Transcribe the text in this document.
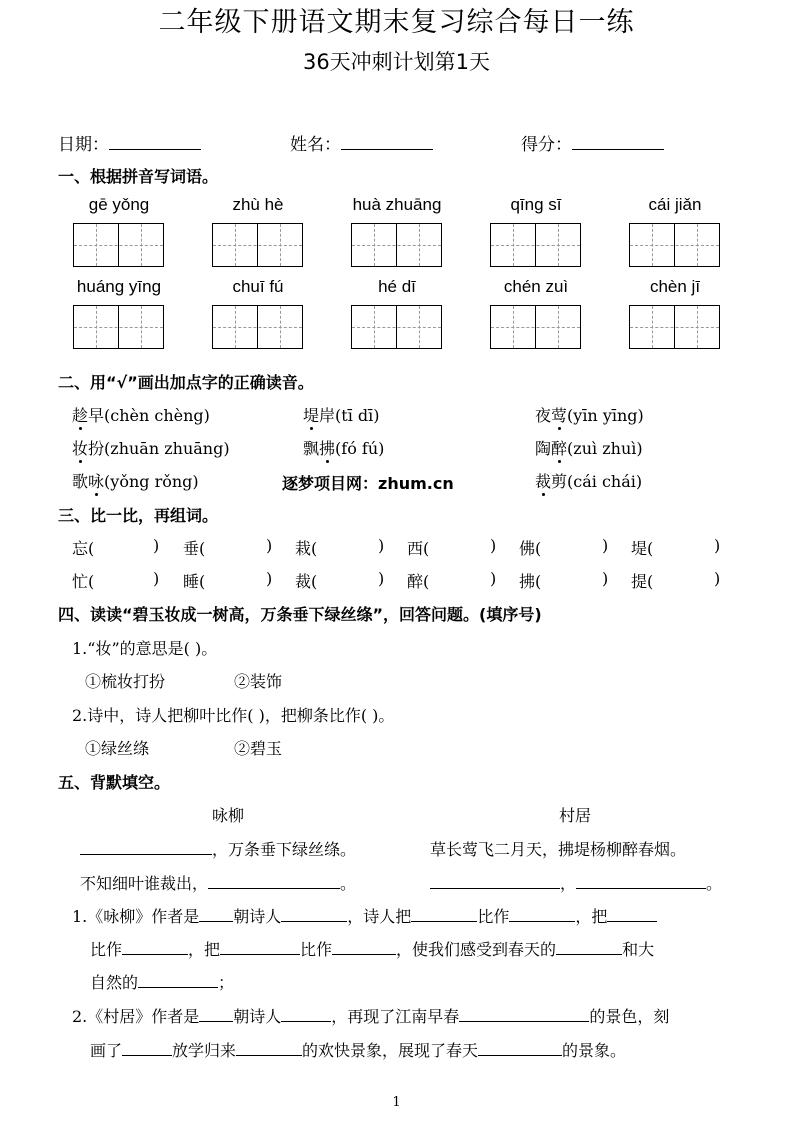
二年级下册语文期末复习综合每日一练
36天冲刺计划第1天
日期：	姓名：	得分：
一、根据拼音写词语。
gē yǒng	zhù hè	huà zhuāng	qīng sī	cái jiǎn
huáng yīng	chuī fú	hé dī	chén zuì	chèn jī
二、用“√”画出加点字的正确读音。
趁早(chèn chèng)	堤岸(tī dī)	夜莺(yīn yīng)
妆扮(zhuān zhuāng)	飘拂(fó fú)	陶醉(zuì zhuì)
歌咏(yǒng rǒng)	逐梦项目网：zhum.cn	裁剪(cái chái)
三、比一比，再组词。
忘(	) 垂(	) 栽(	) 西(	) 佛(	) 堤(	)
忙(	) 睡(	) 裁(	) 醉(	) 拂(	) 提(	)
四、读读“碧玉妆成一树高，万条垂下绿丝绦”，回答问题。(填序号)
1.“妆”的意思是( )。
①梳妆打扮	②装饰
2.诗中，诗人把柳叶比作( )，把柳条比作( )。
①绿丝绦	②碧玉
五、背默填空。
咏柳	村居
，万条垂下绿丝绦。	草长莺飞二月天，拂堤杨柳醉春烟。
不知细叶谁裁出，	。	，	。
1.《咏柳》作者是 朝诗人	，诗人把	比作	，把
比作	，把	比作	，使我们感受到春天的	和大
自然的	；
2.《村居》作者是 朝诗人	，再现了江南早春	的景色，刻
画了	放学归来	的欢快景象，展现了春天	的景象。
1
